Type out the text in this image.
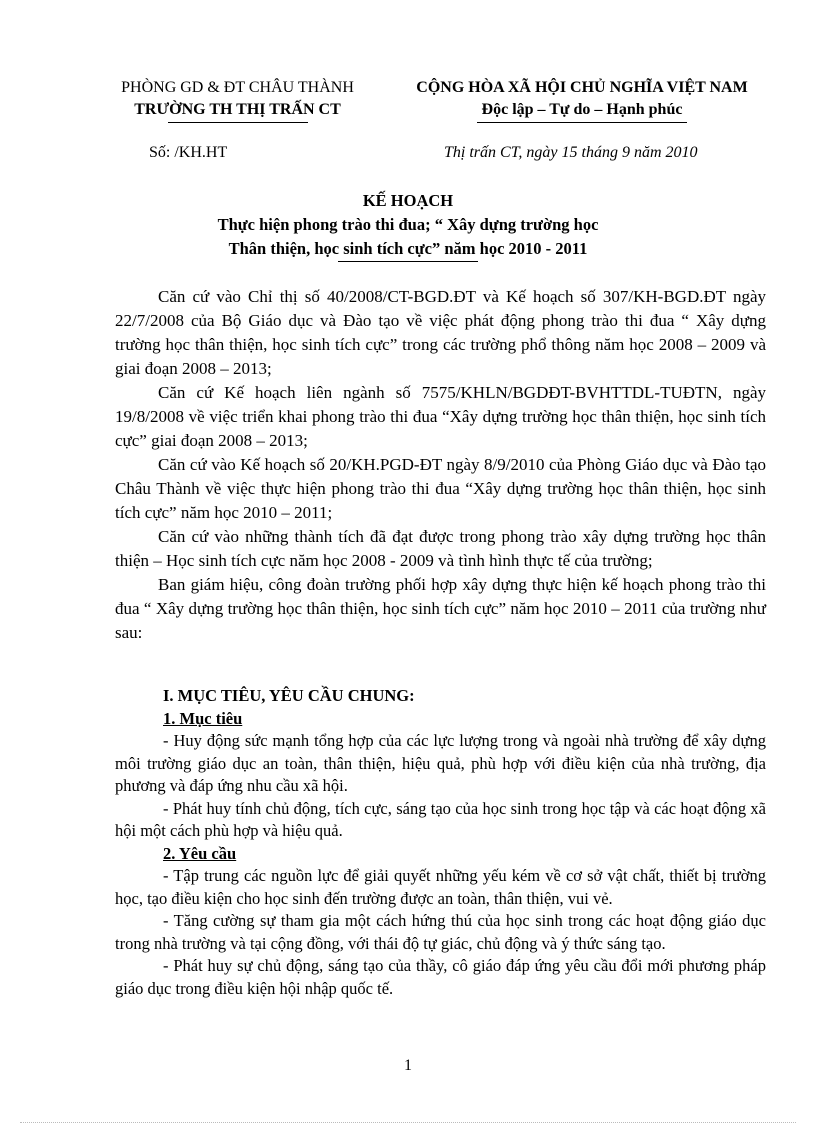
PHÒNG GD & ĐT CHÂU THÀNH
TRƯỜNG TH THỊ TRẤN CT
CỘNG HÒA XÃ HỘI CHỦ NGHĨA VIỆT NAM
Độc lập – Tự do – Hạnh phúc
Số: /KH.HT	Thị trấn CT, ngày 15 tháng 9 năm 2010
KẾ HOẠCH
Thực hiện phong trào thi đua; “ Xây dựng trường học
Thân thiện, học sinh tích cực” năm học 2010 - 2011

Căn cứ vào Chỉ thị số 40/2008/CT-BGD.ĐT và Kế hoạch số 307/KH-BGD.ĐT ngày 22/7/2008 của Bộ Giáo dục và Đào tạo về việc phát động phong trào thi đua “ Xây dựng trường học thân thiện, học sinh tích cực” trong các trường phổ thông năm học 2008 – 2009 và giai đoạn 2008 – 2013;

Căn cứ Kế hoạch liên ngành số 7575/KHLN/BGDĐT-BVHTTDL-TUĐTN, ngày 19/8/2008 về việc triển khai phong trào thi đua “Xây dựng trường học thân thiện, học sinh tích cực” giai đoạn 2008 – 2013;

Căn cứ vào Kế hoạch số 20/KH.PGD-ĐT ngày 8/9/2010 của Phòng Giáo dục và Đào tạo Châu Thành về việc thực hiện phong trào thi đua “Xây dựng trường học thân thiện, học sinh tích cực” năm học 2010 – 2011;

Căn cứ vào những thành tích đã đạt được trong phong trào xây dựng trường học thân thiện – Học sinh tích cực năm học 2008 - 2009 và tình hình thực tế của trường;

Ban giám hiệu, công đoàn trường phối hợp xây dựng thực hiện kế hoạch phong trào thi đua “ Xây dựng trường học thân thiện, học sinh tích cực” năm học 2010 – 2011 của trường như sau:

I. MỤC TIÊU, YÊU CẦU CHUNG:

1. Mục tiêu

- Huy động sức mạnh tổng hợp của các lực lượng trong và ngoài nhà trường để xây dựng môi trường giáo dục an toàn, thân thiện, hiệu quả, phù hợp với điều kiện của nhà trường, địa phương và đáp ứng nhu cầu xã hội.

- Phát huy tính chủ động, tích cực, sáng tạo của học sinh trong học tập và các hoạt động xã hội một cách phù hợp và hiệu quả.

2. Yêu cầu

- Tập trung các nguồn lực để giải quyết những yếu kém về cơ sở vật chất, thiết bị trường học, tạo điều kiện cho học sinh đến trường được an toàn, thân thiện, vui vẻ.

- Tăng cường sự tham gia một cách hứng thú của học sinh trong các hoạt động giáo dục trong nhà trường và tại cộng đồng, với thái độ tự giác, chủ động và ý thức sáng tạo.

- Phát huy sự chủ động, sáng tạo của thầy, cô giáo đáp ứng yêu cầu đổi mới phương pháp giáo dục trong điều kiện hội nhập quốc tế.

1
